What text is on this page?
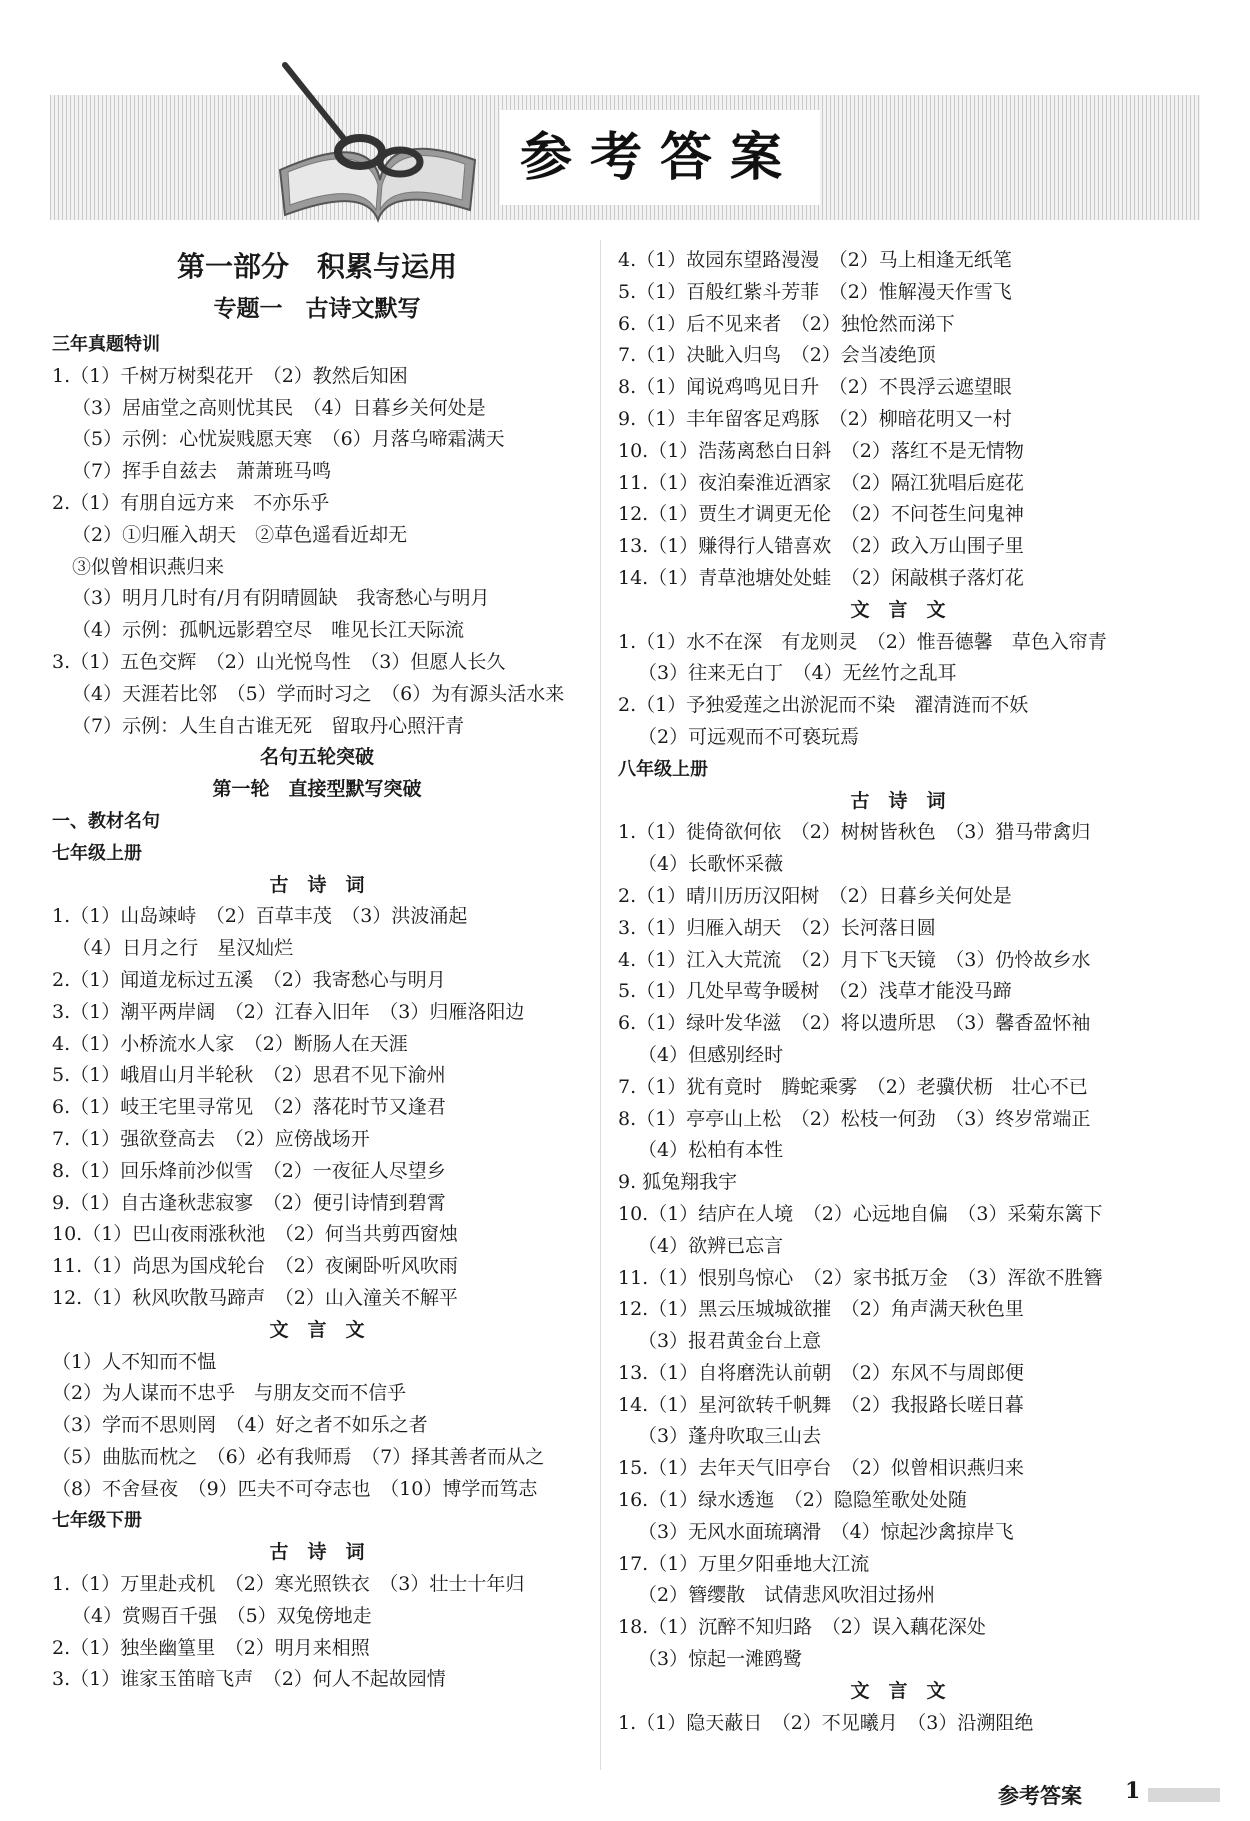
参考答案
第一部分　积累与运用
专题一　古诗文默写
三年真题特训
1.（1）千树万树梨花开　（2）教然后知困
（3）居庙堂之高则忧其民　（4）日暮乡关何处是
（5）示例：心忧炭贱愿天寒　（6）月落乌啼霜满天
（7）挥手自兹去　萧萧班马鸣
2.（1）有朋自远方来　不亦乐乎
（2）①归雁入胡天　②草色遥看近却无
③似曾相识燕归来
（3）明月几时有/月有阴晴圆缺　我寄愁心与明月
（4）示例：孤帆远影碧空尽　唯见长江天际流
3.（1）五色交辉　（2）山光悦鸟性　（3）但愿人长久
（4）天涯若比邻　（5）学而时习之　（6）为有源头活水来
（7）示例：人生自古谁无死　留取丹心照汗青
名句五轮突破
第一轮　直接型默写突破
一、教材名句
七年级上册
古　诗　词
1.（1）山岛竦峙　（2）百草丰茂　（3）洪波涌起
（4）日月之行　星汉灿烂
2.（1）闻道龙标过五溪　（2）我寄愁心与明月
3.（1）潮平两岸阔　（2）江春入旧年　（3）归雁洛阳边
4.（1）小桥流水人家　（2）断肠人在天涯
5.（1）峨眉山月半轮秋　（2）思君不见下渝州
6.（1）岐王宅里寻常见　（2）落花时节又逢君
7.（1）强欲登高去　（2）应傍战场开
8.（1）回乐烽前沙似雪　（2）一夜征人尽望乡
9.（1）自古逢秋悲寂寥　（2）便引诗情到碧霄
10.（1）巴山夜雨涨秋池　（2）何当共剪西窗烛
11.（1）尚思为国戍轮台　（2）夜阑卧听风吹雨
12.（1）秋风吹散马蹄声　（2）山入潼关不解平
文　言　文
（1）人不知而不愠
（2）为人谋而不忠乎　与朋友交而不信乎
（3）学而不思则罔　（4）好之者不如乐之者
（5）曲肱而枕之　（6）必有我师焉　（7）择其善者而从之
（8）不舍昼夜　（9）匹夫不可夺志也　（10）博学而笃志
七年级下册
古　诗　词
1.（1）万里赴戎机　（2）寒光照铁衣　（3）壮士十年归
（4）赏赐百千强　（5）双兔傍地走
2.（1）独坐幽篁里　（2）明月来相照
3.（1）谁家玉笛暗飞声　（2）何人不起故园情
4.（1）故园东望路漫漫　（2）马上相逢无纸笔
5.（1）百般红紫斗芳菲　（2）惟解漫天作雪飞
6.（1）后不见来者　（2）独怆然而涕下
7.（1）决眦入归鸟　（2）会当凌绝顶
8.（1）闻说鸡鸣见日升　（2）不畏浮云遮望眼
9.（1）丰年留客足鸡豚　（2）柳暗花明又一村
10.（1）浩荡离愁白日斜　（2）落红不是无情物
11.（1）夜泊秦淮近酒家　（2）隔江犹唱后庭花
12.（1）贾生才调更无伦　（2）不问苍生问鬼神
13.（1）赚得行人错喜欢　（2）政入万山围子里
14.（1）青草池塘处处蛙　（2）闲敲棋子落灯花
文　言　文
1.（1）水不在深　有龙则灵　（2）惟吾德馨　草色入帘青
（3）往来无白丁　（4）无丝竹之乱耳
2.（1）予独爱莲之出淤泥而不染　濯清涟而不妖
（2）可远观而不可亵玩焉
八年级上册
古　诗　词
1.（1）徙倚欲何依　（2）树树皆秋色　（3）猎马带禽归
（4）长歌怀采薇
2.（1）晴川历历汉阳树　（2）日暮乡关何处是
3.（1）归雁入胡天　（2）长河落日圆
4.（1）江入大荒流　（2）月下飞天镜　（3）仍怜故乡水
5.（1）几处早莺争暖树　（2）浅草才能没马蹄
6.（1）绿叶发华滋　（2）将以遗所思　（3）馨香盈怀袖
（4）但感别经时
7.（1）犹有竟时　腾蛇乘雾　（2）老骥伏枥　壮心不已
8.（1）亭亭山上松　（2）松枝一何劲　（3）终岁常端正
（4）松柏有本性
9. 狐兔翔我宇
10.（1）结庐在人境　（2）心远地自偏　（3）采菊东篱下
（4）欲辨已忘言
11.（1）恨别鸟惊心　（2）家书抵万金　（3）浑欲不胜簪
12.（1）黑云压城城欲摧　（2）角声满天秋色里
（3）报君黄金台上意
13.（1）自将磨洗认前朝　（2）东风不与周郎便
14.（1）星河欲转千帆舞　（2）我报路长嗟日暮
（3）蓬舟吹取三山去
15.（1）去年天气旧亭台　（2）似曾相识燕归来
16.（1）绿水透迤　（2）隐隐笙歌处处随
（3）无风水面琉璃滑　（4）惊起沙禽掠岸飞
17.（1）万里夕阳垂地大江流
（2）簪缨散　试倩悲风吹泪过扬州
18.（1）沉醉不知归路　（2）误入藕花深处
（3）惊起一滩鸥鹭
文　言　文
1.（1）隐天蔽日　（2）不见曦月　（3）沿溯阻绝
参考答案 1
